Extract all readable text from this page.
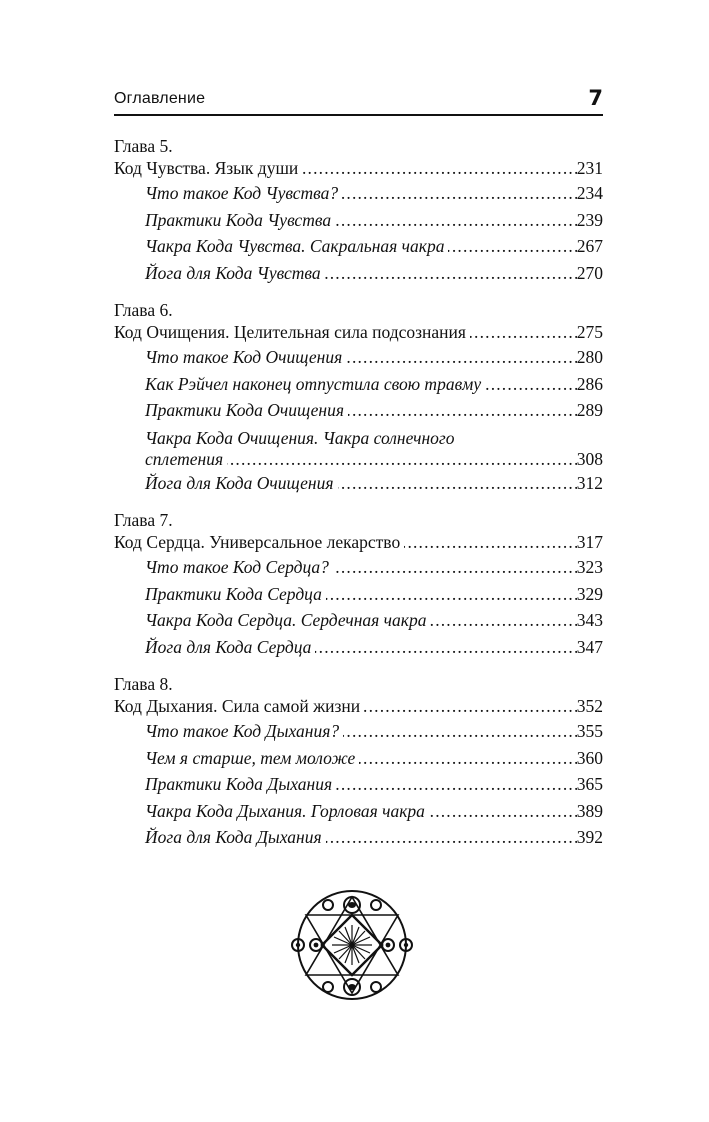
Оглавление	7
Глава 5.
Код Чувства. Язык души . . .	231
Что такое Код Чувства? . . .	234
Практики Кода Чувства . . .	239
Чакра Кода Чувства. Сакральная чакра . . .	267
Йога для Кода Чувства . . .	270
Глава 6.
Код Очищения. Целительная сила подсознания . . .	275
Что такое Код Очищения . . .	280
Как Рэйчел наконец отпустила свою травму . . .	286
Практики Кода Очищения . . .	289
Чакра Кода Очищения. Чакра солнечного
сплетения . . .	308
Йога для Кода Очищения . . .	312
Глава 7.
Код Сердца. Универсальное лекарство . . .	317
Что такое Код Сердца? . . .	323
Практики Кода Сердца . . .	329
Чакра Кода Сердца. Сердечная чакра . . .	343
Йога для Кода Сердца . . .	347
Глава 8.
Код Дыхания. Сила самой жизни . . .	352
Что такое Код Дыхания? . . .	355
Чем я старше, тем моложе . . .	360
Практики Кода Дыхания . . .	365
Чакра Кода Дыхания. Горловая чакра . . .	389
Йога для Кода Дыхания . . .	392
